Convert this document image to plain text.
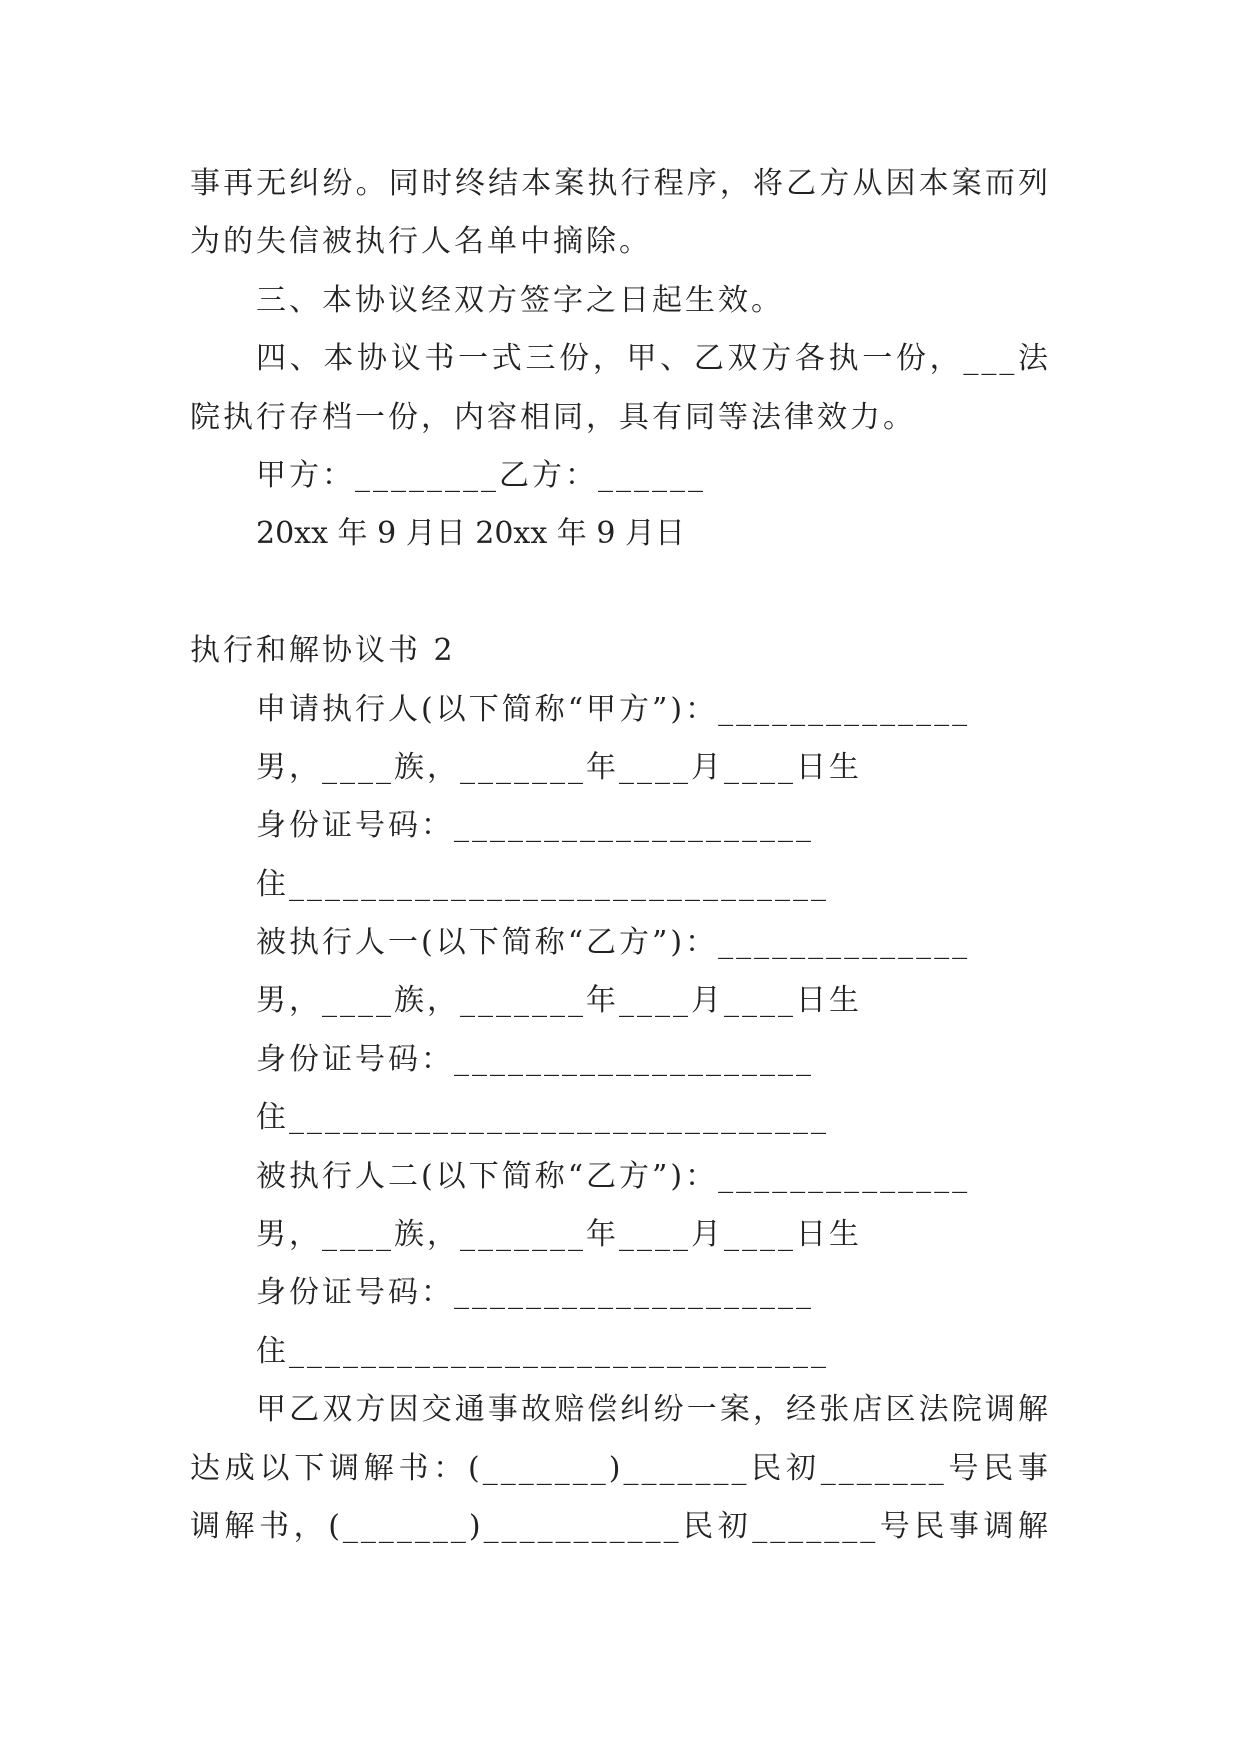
事再无纠纷。同时终结本案执行程序，将乙方从因本案而列
为的失信被执行人名单中摘除。
三、本协议经双方签字之日起生效。
四、本协议书一式三份，甲、乙双方各执一份，___法
院执行存档一份，内容相同，具有同等法律效力。
甲方：________乙方：______
20xx 年 9 月日 20xx 年 9 月日
执行和解协议书 2
申请执行人(以下简称“甲方”)：______________
男，____族，_______年____月____日生
身份证号码：____________________
住______________________________
被执行人一(以下简称“乙方”)：______________
男，____族，_______年____月____日生
身份证号码：____________________
住______________________________
被执行人二(以下简称“乙方”)：______________
男，____族，_______年____月____日生
身份证号码：____________________
住______________________________
甲乙双方因交通事故赔偿纠纷一案，经张店区法院调解
达成以下调解书：(_______)_______民初_______号民事
调解书，(_______)___________民初_______号民事调解
